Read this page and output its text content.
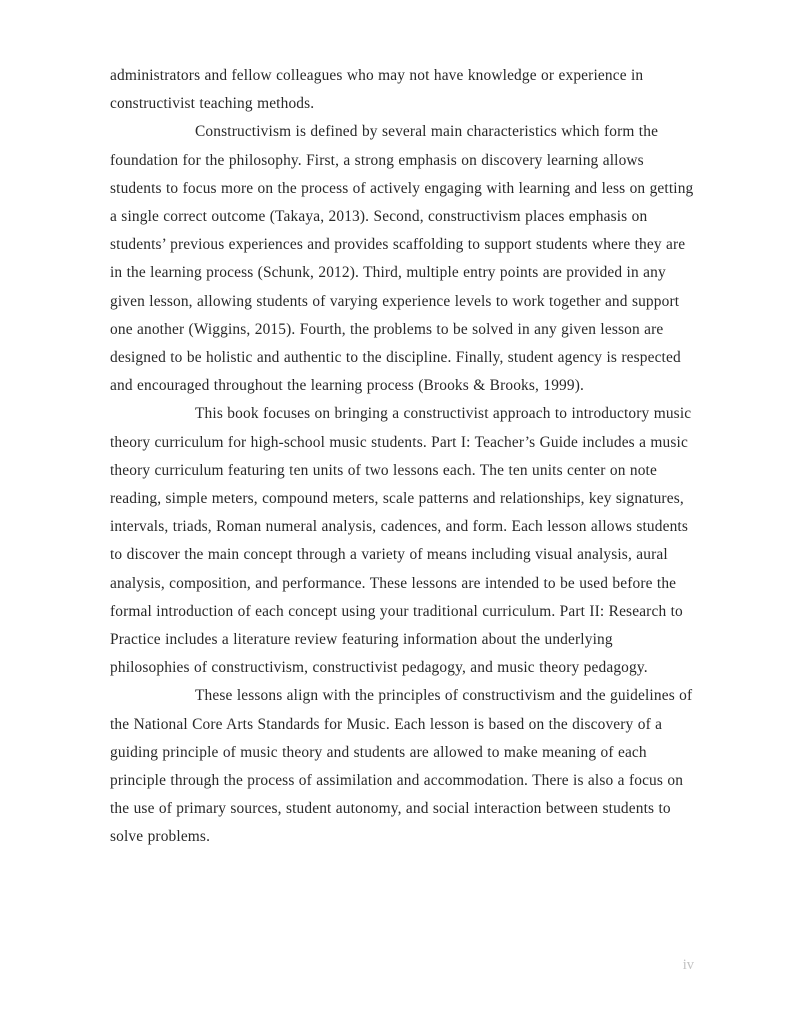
administrators and fellow colleagues who may not have knowledge or experience in constructivist teaching methods.

Constructivism is defined by several main characteristics which form the foundation for the philosophy. First, a strong emphasis on discovery learning allows students to focus more on the process of actively engaging with learning and less on getting a single correct outcome (Takaya, 2013). Second, constructivism places emphasis on students’ previous experiences and provides scaffolding to support students where they are in the learning process (Schunk, 2012). Third, multiple entry points are provided in any given lesson, allowing students of varying experience levels to work together and support one another (Wiggins, 2015). Fourth, the problems to be solved in any given lesson are designed to be holistic and authentic to the discipline. Finally, student agency is respected and encouraged throughout the learning process (Brooks & Brooks, 1999).

This book focuses on bringing a constructivist approach to introductory music theory curriculum for high-school music students. Part I: Teacher’s Guide includes a music theory curriculum featuring ten units of two lessons each. The ten units center on note reading, simple meters, compound meters, scale patterns and relationships, key signatures, intervals, triads, Roman numeral analysis, cadences, and form. Each lesson allows students to discover the main concept through a variety of means including visual analysis, aural analysis, composition, and performance. These lessons are intended to be used before the formal introduction of each concept using your traditional curriculum. Part II: Research to Practice includes a literature review featuring information about the underlying philosophies of constructivism, constructivist pedagogy, and music theory pedagogy.

These lessons align with the principles of constructivism and the guidelines of the National Core Arts Standards for Music. Each lesson is based on the discovery of a guiding principle of music theory and students are allowed to make meaning of each principle through the process of assimilation and accommodation. There is also a focus on the use of primary sources, student autonomy, and social interaction between students to solve problems.

iv
